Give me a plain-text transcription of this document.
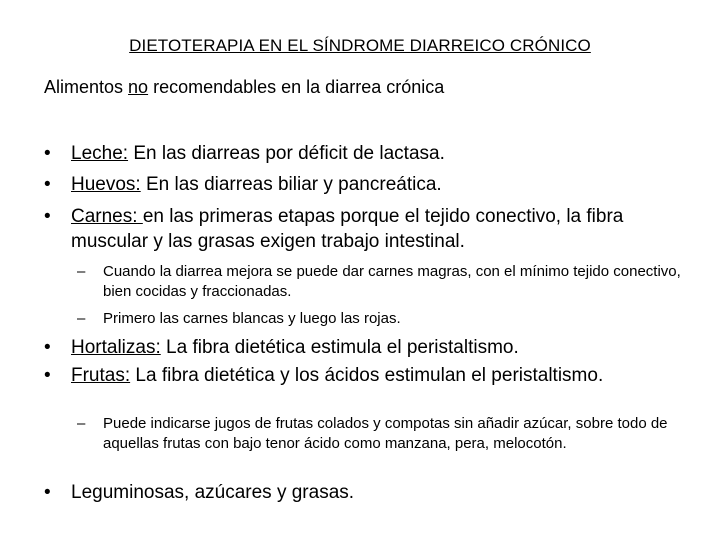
DIETOTERAPIA EN EL SÍNDROME DIARREICO CRÓNICO
Alimentos no recomendables en la diarrea crónica
• Leche: En las diarreas por déficit de lactasa.
• Huevos: En las diarreas biliar y pancreática.
• Carnes: en las primeras etapas porque el tejido conectivo, la fibra muscular y las grasas exigen trabajo intestinal.
– Cuando la diarrea mejora se puede dar carnes magras, con el mínimo tejido conectivo, bien cocidas y fraccionadas.
– Primero las carnes blancas y luego las rojas.
• Hortalizas: La fibra dietética estimula el peristaltismo.
• Frutas: La fibra dietética y los ácidos estimulan el peristaltismo.
– Puede indicarse jugos de frutas colados y compotas sin añadir azúcar, sobre todo de aquellas frutas con bajo tenor ácido como manzana, pera, melocotón.
• Leguminosas, azúcares y grasas.
